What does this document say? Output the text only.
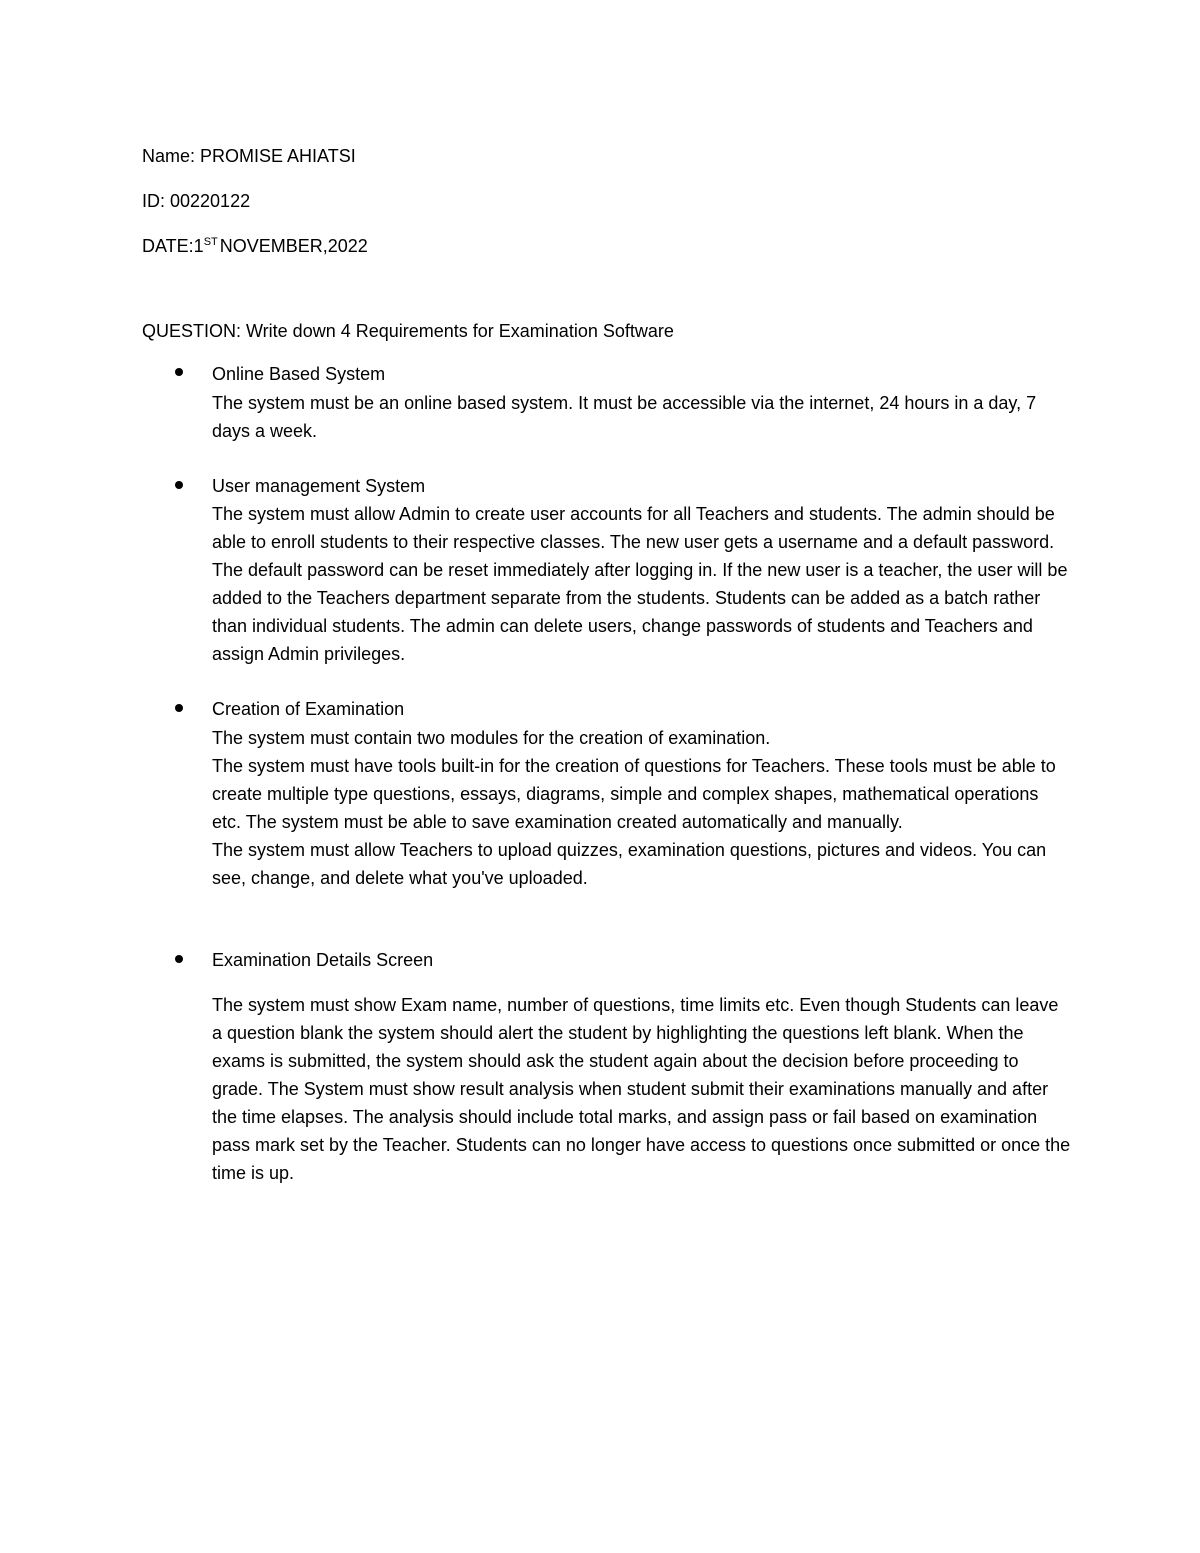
Name: PROMISE AHIATSI
ID: 00220122
DATE:1ST NOVEMBER,2022
QUESTION: Write down 4 Requirements for Examination Software
Online Based System

The system must be an online based system. It must be accessible via the internet, 24 hours in a day, 7 days a week.

User management System

The system must allow Admin to create user accounts for all Teachers and students. The admin should be able to enroll students to their respective classes. The new user gets a username and a default password. The default password can be reset immediately after logging in. If the new user is a teacher, the user will be added to the Teachers department separate from the students. Students can be added as a batch rather than individual students. The admin can delete users, change passwords of students and Teachers and assign Admin privileges.

Creation of Examination

The system must contain two modules for the creation of examination.

The system must have tools built-in for the creation of questions for Teachers. These tools must be able to create multiple type questions, essays, diagrams, simple and complex shapes, mathematical operations etc. The system must be able to save examination created automatically and manually.

The system must allow Teachers to upload quizzes, examination questions, pictures and videos. You can see, change, and delete what you've uploaded.

Examination Details Screen

The system must show Exam name, number of questions, time limits etc. Even though Students can leave a question blank the system should alert the student by highlighting the questions left blank. When the exams is submitted, the system should ask the student again about the decision before proceeding to grade. The System must show result analysis when student submit their examinations manually and after the time elapses. The analysis should include total marks, and assign pass or fail based on examination pass mark set by the Teacher. Students can no longer have access to questions once submitted or once the time is up.
